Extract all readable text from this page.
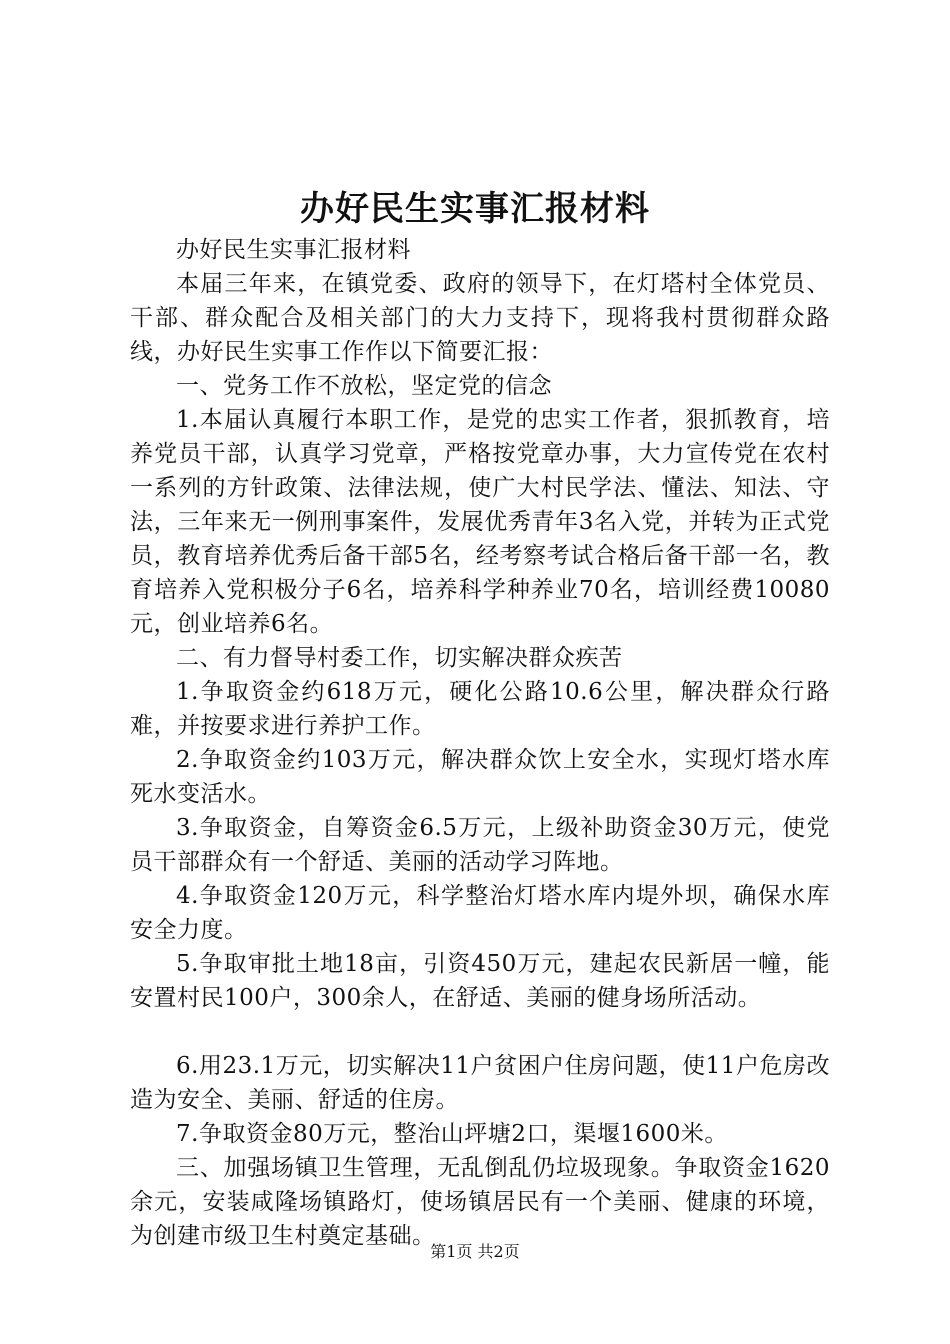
办好民生实事汇报材料

办好民生实事汇报材料

本届三年来，在镇党委、政府的领导下，在灯塔村全体党员、干部、群众配合及相关部门的大力支持下，现将我村贯彻群众路线，办好民生实事工作作以下简要汇报：

一、党务工作不放松，坚定党的信念

1.本届认真履行本职工作，是党的忠实工作者，狠抓教育，培养党员干部，认真学习党章，严格按党章办事，大力宣传党在农村一系列的方针政策、法律法规，使广大村民学法、懂法、知法、守法，三年来无一例刑事案件，发展优秀青年3名入党，并转为正式党员，教育培养优秀后备干部5名，经考察考试合格后备干部一名，教育培养入党积极分子6名，培养科学种养业70名，培训经费10080元，创业培养6名。

二、有力督导村委工作，切实解决群众疾苦

1.争取资金约618万元，硬化公路10.6公里，解决群众行路难，并按要求进行养护工作。

2.争取资金约103万元，解决群众饮上安全水，实现灯塔水库死水变活水。

3.争取资金，自筹资金6.5万元，上级补助资金30万元，使党员干部群众有一个舒适、美丽的活动学习阵地。

4.争取资金120万元，科学整治灯塔水库内堤外坝，确保水库安全力度。

5.争取审批土地18亩，引资450万元，建起农民新居一幢，能安置村民100户，300余人，在舒适、美丽的健身场所活动。

6.用23.1万元，切实解决11户贫困户住房问题，使11户危房改造为安全、美丽、舒适的住房。

7.争取资金80万元，整治山坪塘2口，渠堰1600米。

三、加强场镇卫生管理，无乱倒乱仍垃圾现象。争取资金1620余元，安装咸隆场镇路灯，使场镇居民有一个美丽、健康的环境，为创建市级卫生村奠定基础。

第1页 共2页
